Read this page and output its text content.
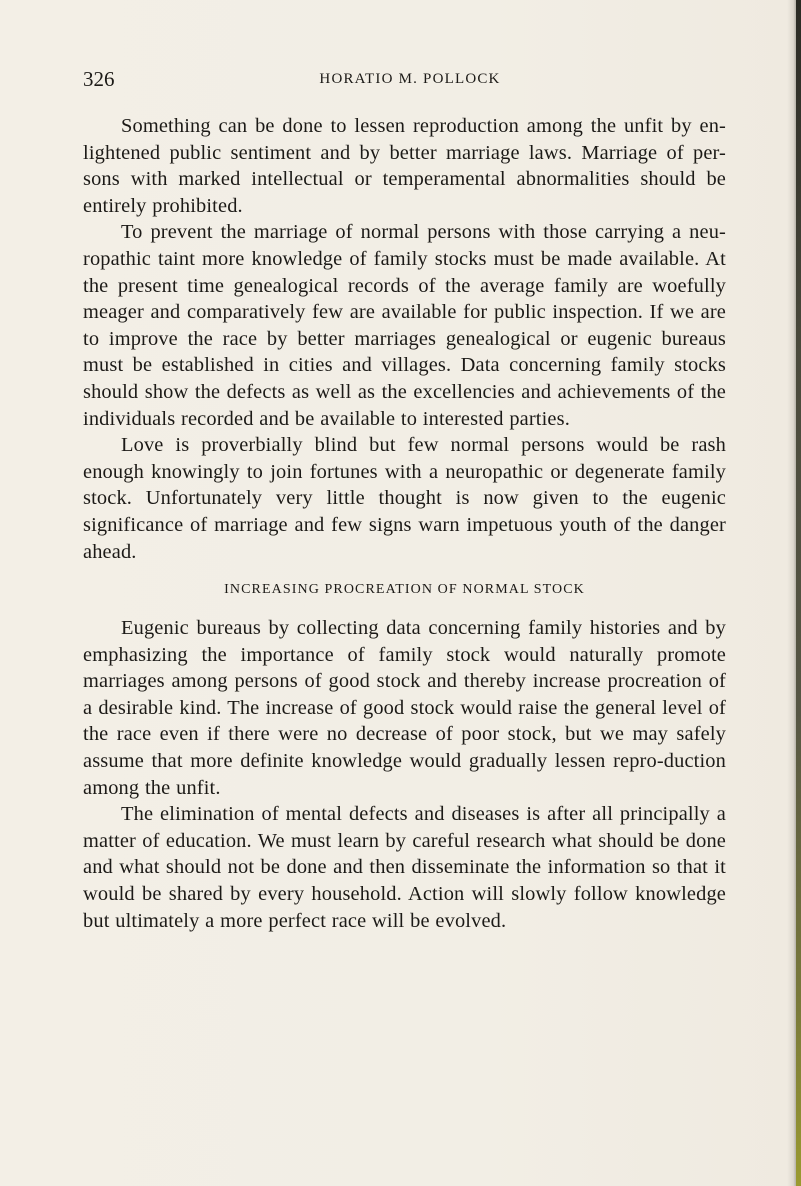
326	HORATIO M. POLLOCK

Something can be done to lessen reproduction among the unfit by en-lightened public sentiment and by better marriage laws. Marriage of per-sons with marked intellectual or temperamental abnormalities should be entirely prohibited.

To prevent the marriage of normal persons with those carrying a neu-ropathic taint more knowledge of family stocks must be made available. At the present time genealogical records of the average family are woefully meager and comparatively few are available for public inspection. If we are to improve the race by better marriages genealogical or eugenic bureaus must be established in cities and villages. Data concerning family stocks should show the defects as well as the excellencies and achievements of the individuals recorded and be available to interested parties.

Love is proverbially blind but few normal persons would be rash enough knowingly to join fortunes with a neuropathic or degenerate family stock. Unfortunately very little thought is now given to the eugenic significance of marriage and few signs warn impetuous youth of the danger ahead.

INCREASING PROCREATION OF NORMAL STOCK

Eugenic bureaus by collecting data concerning family histories and by emphasizing the importance of family stock would naturally promote marriages among persons of good stock and thereby increase procreation of a desirable kind. The increase of good stock would raise the general level of the race even if there were no decrease of poor stock, but we may safely assume that more definite knowledge would gradually lessen repro-duction among the unfit.

The elimination of mental defects and diseases is after all principally a matter of education. We must learn by careful research what should be done and what should not be done and then disseminate the information so that it would be shared by every household. Action will slowly follow knowledge but ultimately a more perfect race will be evolved.
